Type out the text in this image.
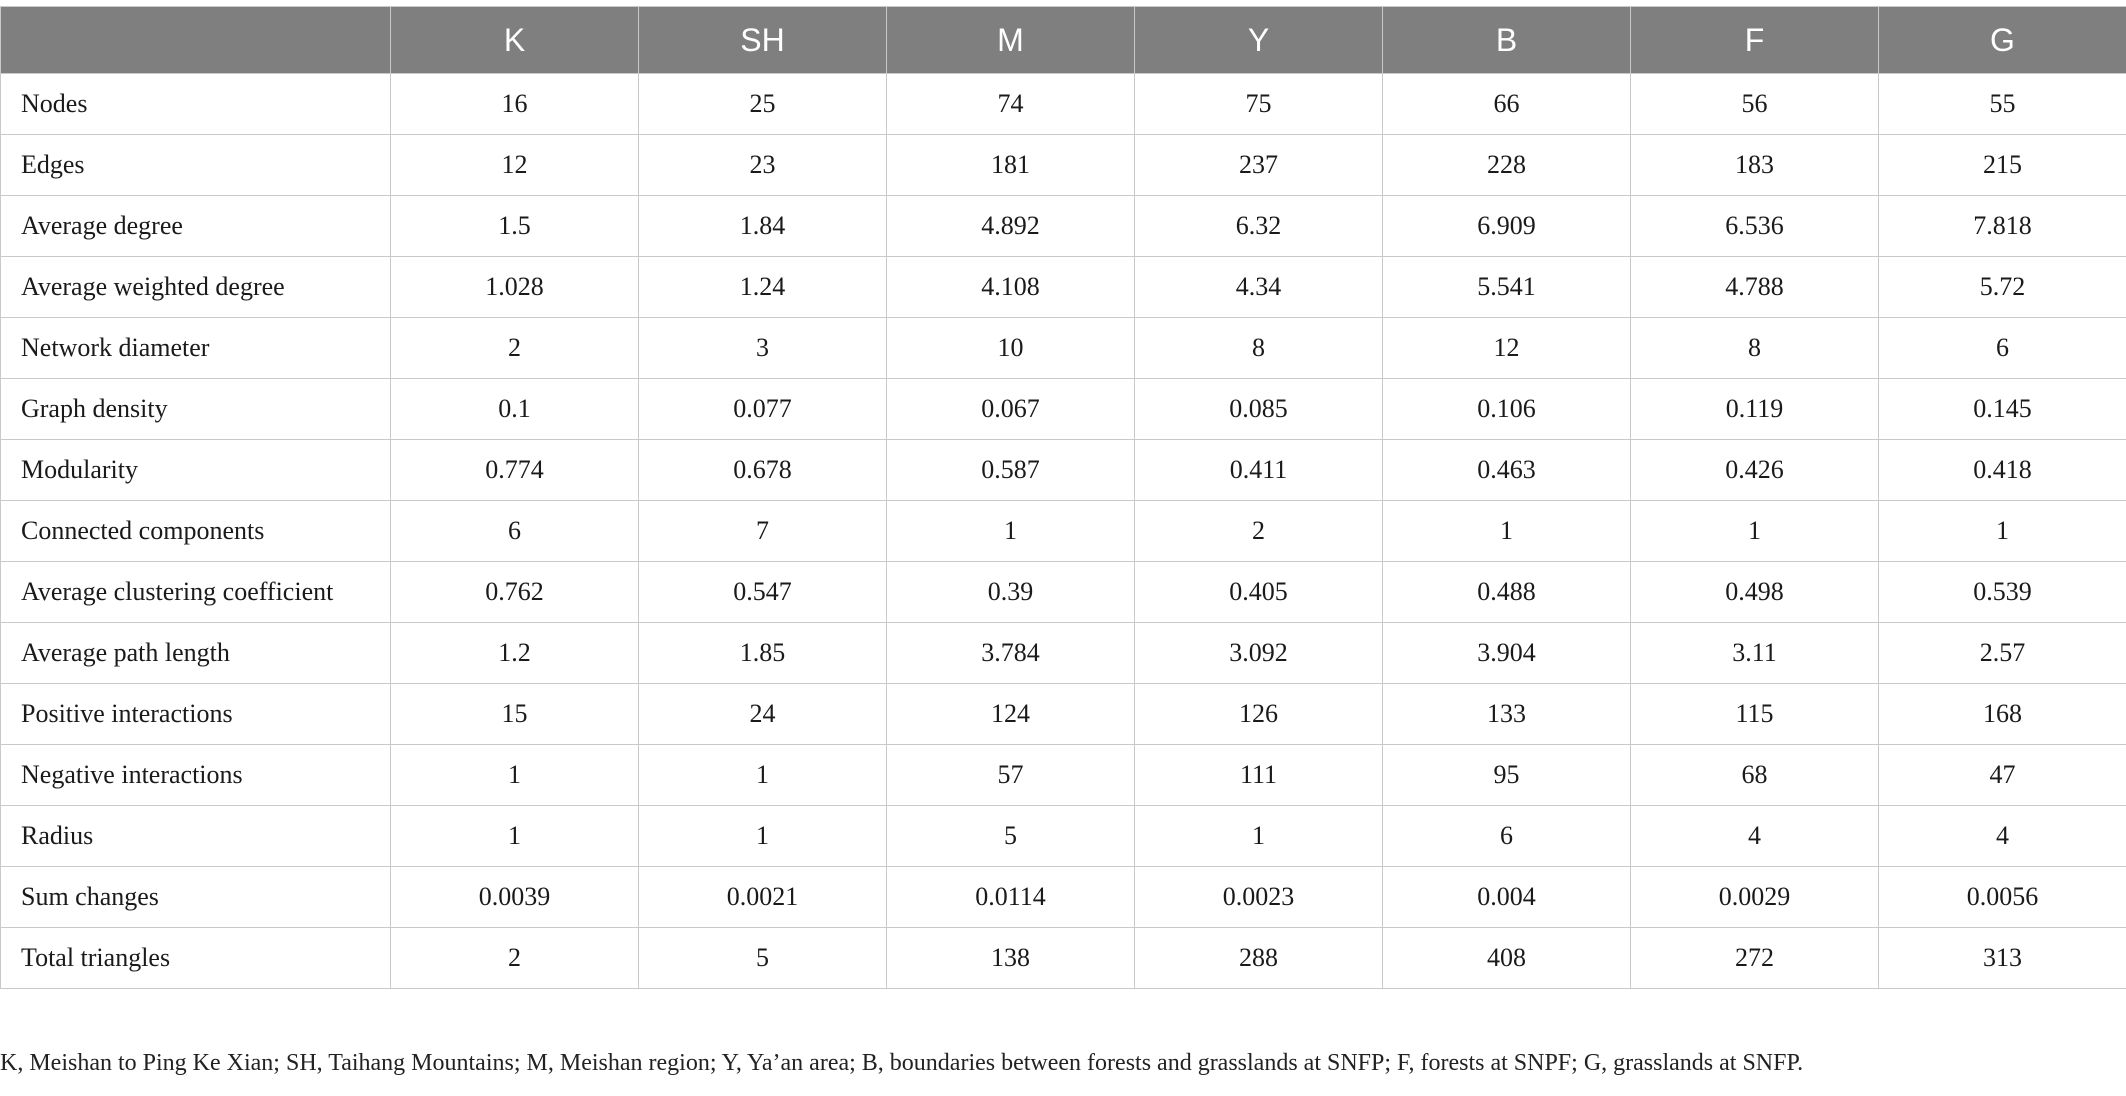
	K	SH	M	Y	B	F	G
Nodes	16	25	74	75	66	56	55
Edges	12	23	181	237	228	183	215
Average degree	1.5	1.84	4.892	6.32	6.909	6.536	7.818
Average weighted degree	1.028	1.24	4.108	4.34	5.541	4.788	5.72
Network diameter	2	3	10	8	12	8	6
Graph density	0.1	0.077	0.067	0.085	0.106	0.119	0.145
Modularity	0.774	0.678	0.587	0.411	0.463	0.426	0.418
Connected components	6	7	1	2	1	1	1
Average clustering coefficient	0.762	0.547	0.39	0.405	0.488	0.498	0.539
Average path length	1.2	1.85	3.784	3.092	3.904	3.11	2.57
Positive interactions	15	24	124	126	133	115	168
Negative interactions	1	1	57	111	95	68	47
Radius	1	1	5	1	6	4	4
Sum changes	0.0039	0.0021	0.0114	0.0023	0.004	0.0029	0.0056
Total triangles	2	5	138	288	408	272	313
K, Meishan to Ping Ke Xian; SH, Taihang Mountains; M, Meishan region; Y, Ya’an area; B, boundaries between forests and grasslands at SNFP; F, forests at SNPF; G, grasslands at SNFP.
